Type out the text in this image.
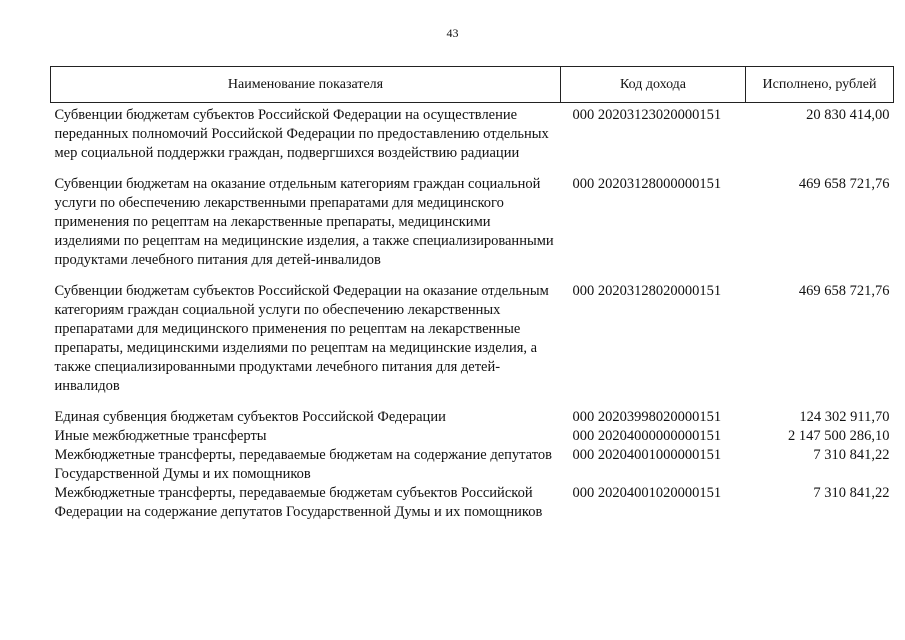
43
Наименование показателя	Код дохода	Исполнено, рублей
Субвенции бюджетам субъектов Российской Федерации на осуществление переданных полномочий Российской Федерации по предоставлению отдельных мер социальной поддержки граждан, подвергшихся воздействию радиации	000 20203123020000151	20 830 414,00
Субвенции бюджетам на оказание отдельным категориям граждан социальной услуги по обеспечению лекарственными препаратами для медицинского применения по рецептам на лекарственные препараты, медицинскими изделиями по рецептам на медицинские изделия, а также специализированными продуктами лечебного питания для детей-инвалидов	000 20203128000000151	469 658 721,76
Субвенции бюджетам субъектов Российской Федерации на оказание отдельным категориям граждан социальной услуги по обеспечению лекарственных препаратами для медицинского применения по рецептам на лекарственные препараты, медицинскими изделиями по рецептам на медицинские изделия, а также специализированными продуктами лечебного питания для детей-инвалидов	000 20203128020000151	469 658 721,76
Единая субвенция бюджетам субъектов Российской Федерации	000 20203998020000151	124 302 911,70
Иные межбюджетные трансферты	000 20204000000000151	2 147 500 286,10
Межбюджетные трансферты, передаваемые бюджетам на содержание депутатов Государственной Думы и их помощников	000 20204001000000151	7 310 841,22
Межбюджетные трансферты, передаваемые бюджетам субъектов Российской Федерации на содержание депутатов Государственной Думы и их помощников	000 20204001020000151	7 310 841,22
